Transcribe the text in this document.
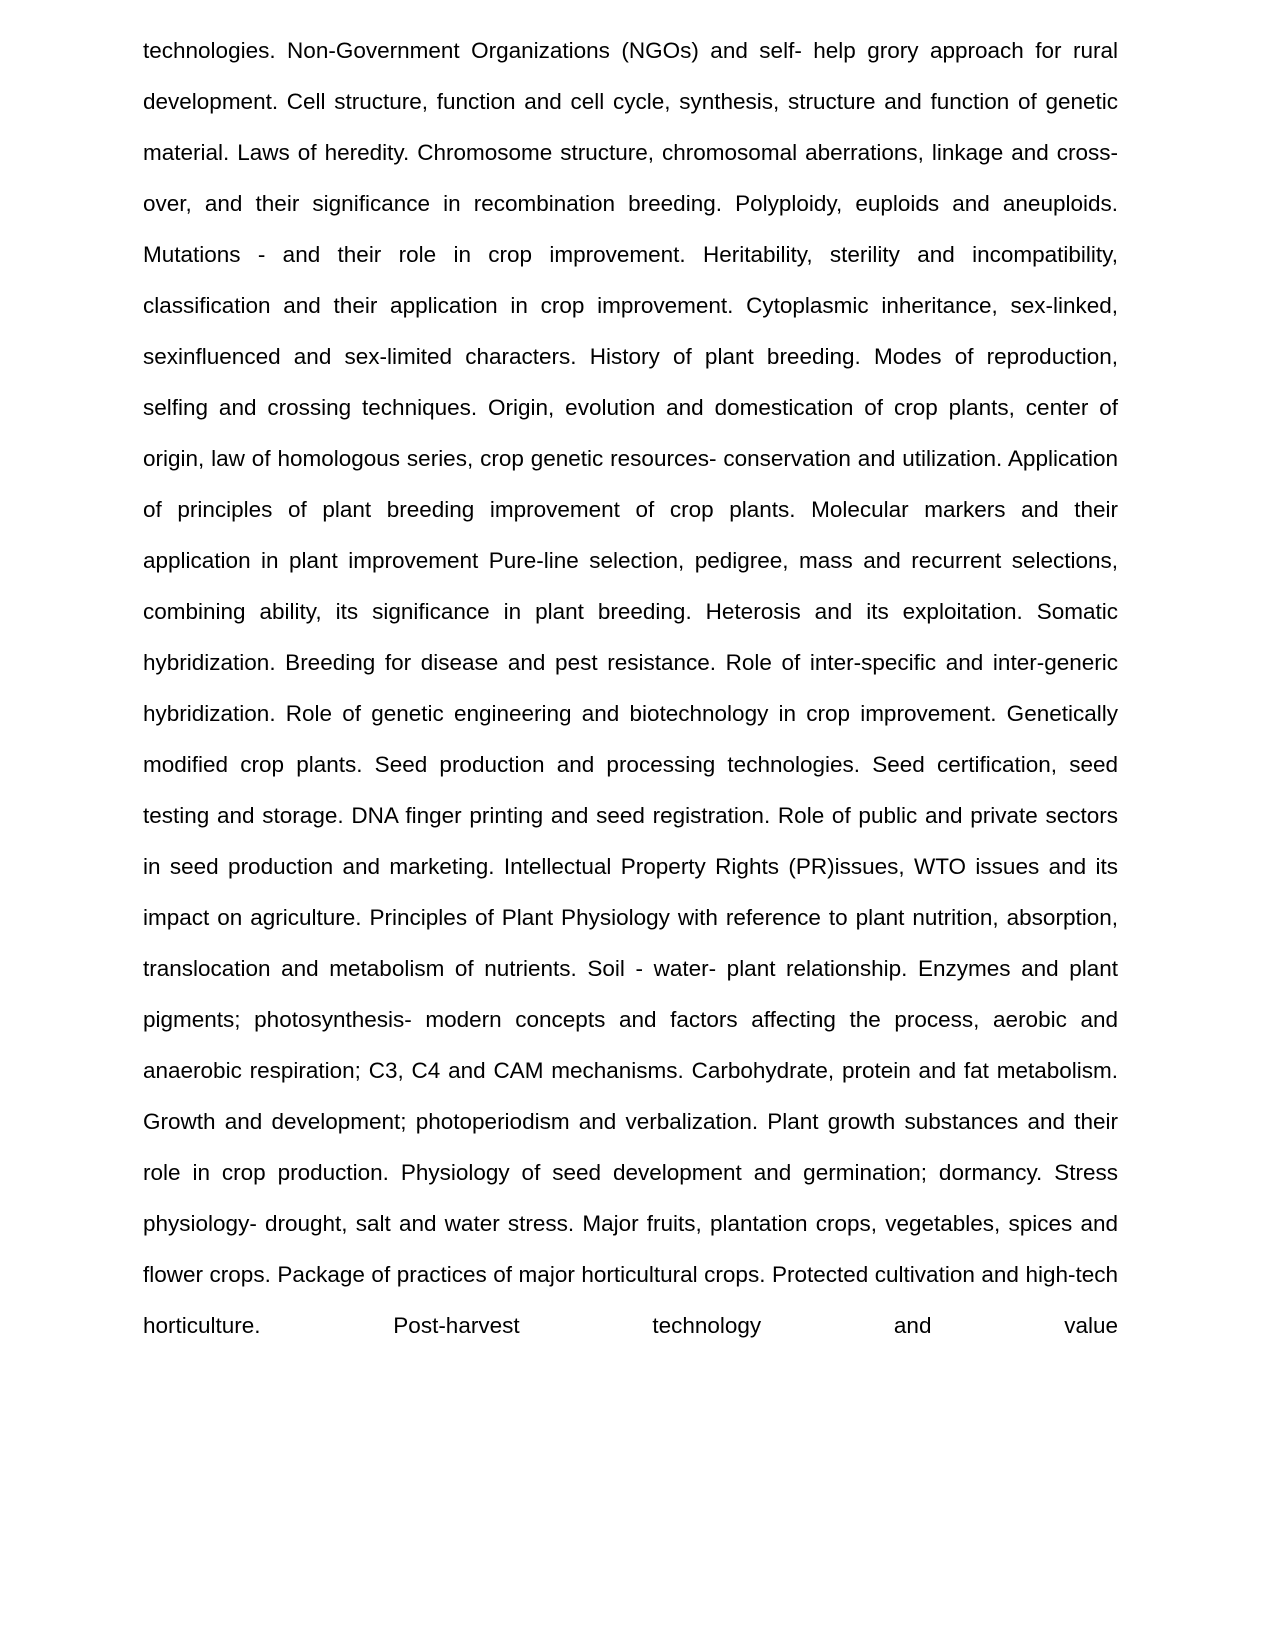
technologies. Non-Government Organizations (NGOs) and self- help grory approach for rural development. Cell structure, function and cell cycle, synthesis, structure and function of genetic material. Laws of heredity. Chromosome structure, chromosomal aberrations, linkage and cross-over, and their significance in recombination breeding. Polyploidy, euploids and aneuploids. Mutations - and their role in crop improvement. Heritability, sterility and incompatibility, classification and their application in crop improvement. Cytoplasmic inheritance, sex-linked, sexinfluenced and sex-limited characters. History of plant breeding. Modes of reproduction, selfing and crossing techniques. Origin, evolution and domestication of crop plants, center of origin, law of homologous series, crop genetic resources- conservation and utilization. Application of principles of plant breeding improvement of crop plants. Molecular markers and their application in plant improvement Pure-line selection, pedigree, mass and recurrent selections, combining ability, its significance in plant breeding. Heterosis and its exploitation. Somatic hybridization. Breeding for disease and pest resistance. Role of inter-specific and inter-generic hybridization. Role of genetic engineering and biotechnology in crop improvement. Genetically modified crop plants. Seed production and processing technologies. Seed certification, seed testing and storage. DNA finger printing and seed registration. Role of public and private sectors in seed production and marketing. Intellectual Property Rights (PR)issues, WTO issues and its impact on agriculture. Principles of Plant Physiology with reference to plant nutrition, absorption, translocation and metabolism of nutrients. Soil - water- plant relationship. Enzymes and plant pigments; photosynthesis- modern concepts and factors affecting the process, aerobic and anaerobic respiration; C3, C4 and CAM mechanisms. Carbohydrate, protein and fat metabolism. Growth and development; photoperiodism and verbalization. Plant growth substances and their role in crop production. Physiology of seed development and germination; dormancy. Stress physiology- drought, salt and water stress. Major fruits, plantation crops, vegetables, spices and flower crops. Package of practices of major horticultural crops. Protected cultivation and high-tech horticulture. Post-harvest technology and value
